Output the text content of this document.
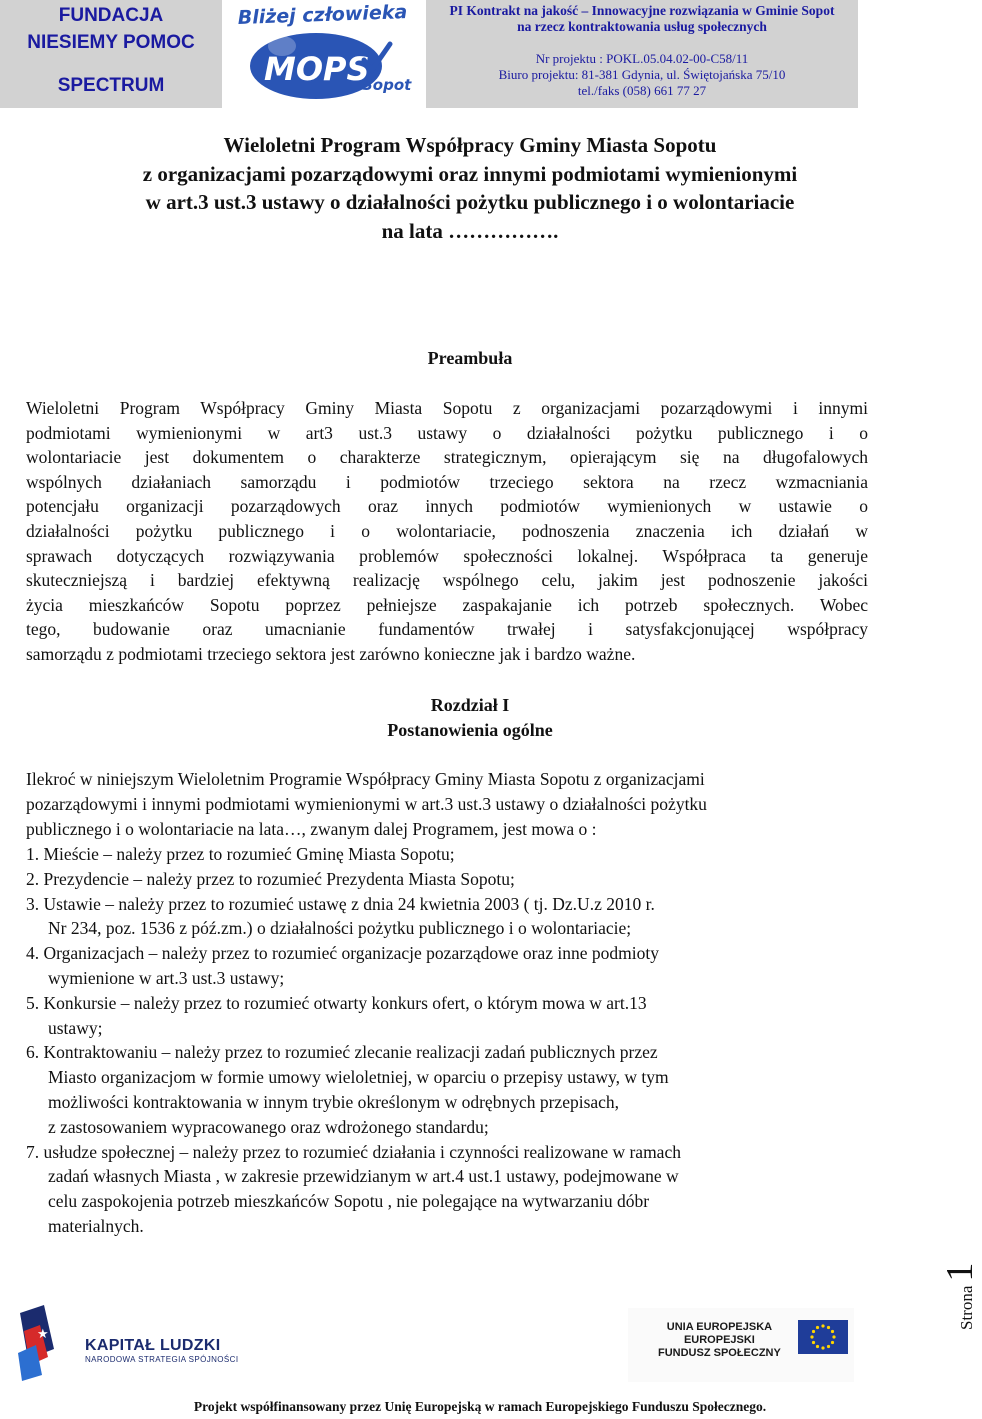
FUNDACJA
NIESIEMY POMOC
SPECTRUM
Bliżej człowieka
MOPS
Sopot
PI Kontrakt na jakość – Innowacyjne rozwiązania w Gminie Sopot
na rzecz kontraktowania usług społecznych
Nr projektu : POKL.05.04.02-00-C58/11
Biuro projektu: 81-381 Gdynia, ul. Świętojańska 75/10
tel./faks (058) 661 77 27
Wieloletni Program Współpracy Gminy Miasta Sopotu
z organizacjami pozarządowymi oraz innymi podmiotami wymienionymi
w art.3 ust.3 ustawy o działalności pożytku publicznego i o wolontariacie
na lata …………….
Preambuła
Wieloletni Program Współpracy Gminy Miasta Sopotu z organizacjami pozarządowymi i innymi
podmiotami wymienionymi w art3 ust.3 ustawy o działalności pożytku publicznego i o
wolontariacie jest dokumentem o charakterze strategicznym, opierającym się na długofalowych
wspólnych działaniach samorządu i podmiotów trzeciego sektora na rzecz wzmacniania
potencjału organizacji pozarządowych oraz innych podmiotów wymienionych w ustawie o
działalności pożytku publicznego i o wolontariacie, podnoszenia znaczenia ich działań w
sprawach dotyczących rozwiązywania problemów społeczności lokalnej. Współpraca ta generuje
skuteczniejszą i bardziej efektywną realizację wspólnego celu, jakim jest podnoszenie jakości
życia mieszkańców Sopotu poprzez pełniejsze zaspakajanie ich potrzeb społecznych. Wobec
tego, budowanie oraz umacnianie fundamentów trwałej i satysfakcjonującej współpracy
samorządu z podmiotami trzeciego sektora jest zarówno konieczne jak i bardzo ważne.
Rozdział I
Postanowienia ogólne
Ilekroć w niniejszym Wieloletnim Programie Współpracy Gminy Miasta Sopotu z organizacjami
pozarządowymi i innymi podmiotami wymienionymi w art.3 ust.3 ustawy o działalności pożytku
publicznego i o wolontariacie na lata…, zwanym dalej Programem, jest mowa o :
1. Mieście – należy przez to rozumieć Gminę Miasta Sopotu;
2. Prezydencie – należy przez to rozumieć Prezydenta Miasta Sopotu;
3. Ustawie – należy przez to rozumieć ustawę z dnia 24 kwietnia 2003 ( tj. Dz.U.z 2010 r.
Nr 234, poz. 1536 z póź.zm.) o działalności pożytku publicznego i o wolontariacie;
4. Organizacjach – należy przez to rozumieć organizacje pozarządowe oraz inne podmioty
wymienione w art.3 ust.3 ustawy;
5. Konkursie – należy przez to rozumieć otwarty konkurs ofert, o którym mowa w art.13
ustawy;
6. Kontraktowaniu – należy przez to rozumieć zlecanie realizacji zadań publicznych przez
Miasto organizacjom w formie umowy wieloletniej, w oparciu o przepisy ustawy, w tym
możliwości kontraktowania w innym trybie określonym w odrębnych przepisach,
z zastosowaniem wypracowanego oraz wdrożonego standardu;
7. usłudze społecznej – należy przez to rozumieć działania i czynności realizowane w ramach
zadań własnych Miasta , w zakresie przewidzianym w art.4 ust.1 ustawy, podejmowane w
celu zaspokojenia potrzeb mieszkańców Sopotu , nie polegające na wytwarzaniu dóbr
materialnych.
Strona 1
★
KAPITAŁ LUDZKI
NARODOWA STRATEGIA SPÓJNOŚCI
UNIA EUROPEJSKA
EUROPEJSKI
FUNDUSZ SPOŁECZNY
Projekt współfinansowany przez Unię Europejską w ramach Europejskiego Funduszu Społecznego.
